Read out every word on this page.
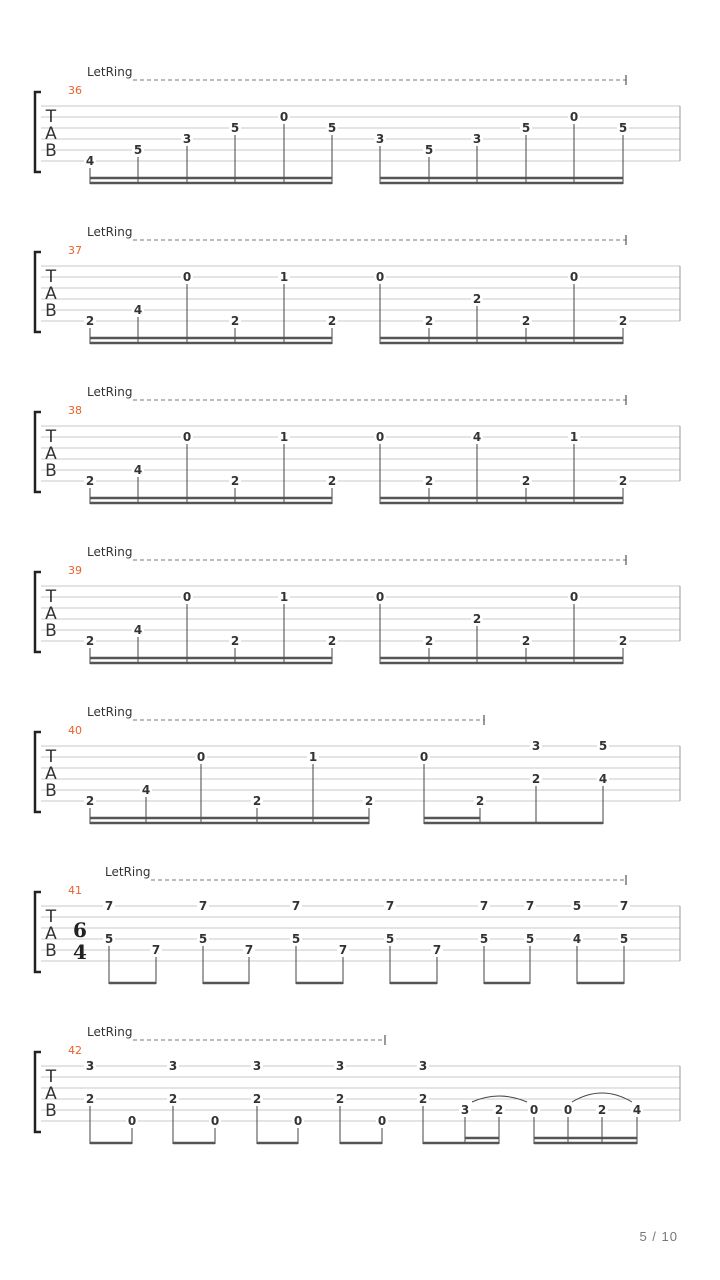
LetRing
36
T
A
B 4
5
3
5
0
5
3
5
3
5
0
5
LetRing
37
T
A
B 2
4
0
2
1
2
0
2
2
2
0
2
LetRing
38
T
A
B 2
4
0
2
1
2
0
2
4
2
1
2
LetRing
39
T
A
B 2
4
0
2
1
2
0
2
2
2
0
2
LetRing
40
T
A
B 2
4
0
2
1
2
0
2
3
2
5
4
LetRing
41
T
A
B
6
4
7
5
7
7
5
7
7
5
7
7
5
7
7
5
7
5
5
4
7
5
LetRing
42
T
A
B
3
2
0
3
2
0
3
2
0
3
2
0
3
2
3 2 0 0 2 4
5 / 10
